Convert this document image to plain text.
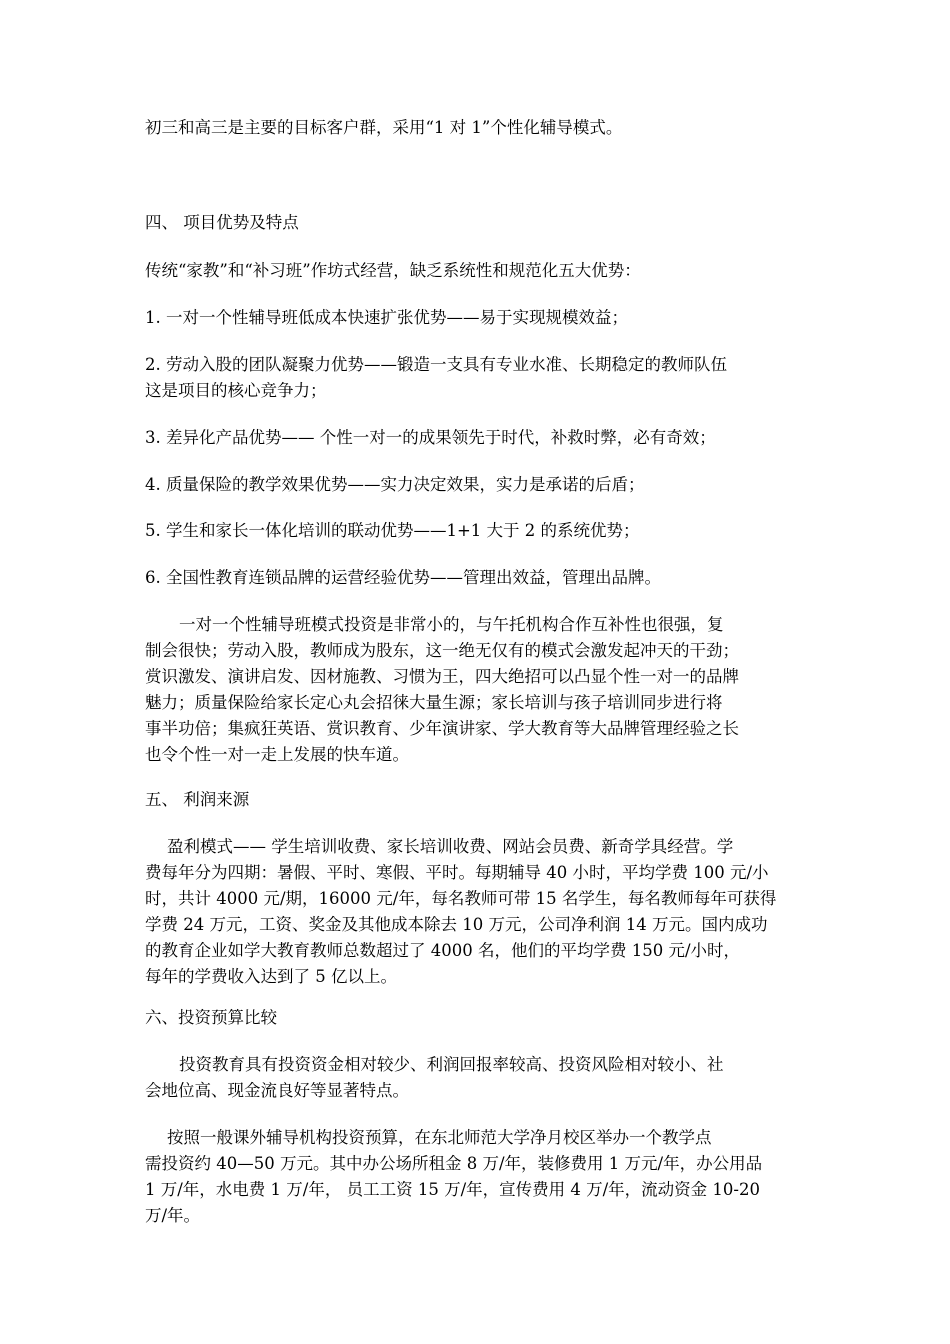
初三和高三是主要的目标客户群，采用“1 对 1”个性化辅导模式。
四、 项目优势及特点
传统“家教”和“补习班”作坊式经营，缺乏系统性和规范化五大优势：
1. 一对一个性辅导班低成本快速扩张优势——易于实现规模效益；
2. 劳动入股的团队凝聚力优势——锻造一支具有专业水准、长期稳定的教师队伍
这是项目的核心竞争力；
3. 差异化产品优势—— 个性一对一的成果领先于时代，补救时弊，必有奇效；
4. 质量保险的教学效果优势——实力决定效果，实力是承诺的后盾；
5. 学生和家长一体化培训的联动优势——1+1 大于 2 的系统优势；
6. 全国性教育连锁品牌的运营经验优势——管理出效益，管理出品牌。
一对一个性辅导班模式投资是非常小的，与午托机构合作互补性也很强，复
制会很快；劳动入股，教师成为股东，这一绝无仅有的模式会激发起冲天的干劲；
赏识激发、演讲启发、因材施教、习惯为王，四大绝招可以凸显个性一对一的品牌
魅力；质量保险给家长定心丸会招徕大量生源；家长培训与孩子培训同步进行将
事半功倍；集疯狂英语、赏识教育、少年演讲家、学大教育等大品牌管理经验之长
也令个性一对一走上发展的快车道。
五、 利润来源
盈利模式—— 学生培训收费、家长培训收费、网站会员费、新奇学具经营。学
费每年分为四期：暑假、平时、寒假、平时。每期辅导 40 小时，平均学费 100 元/小
时，共计 4000 元/期，16000 元/年，每名教师可带 15 名学生，每名教师每年可获得
学费 24 万元，工资、奖金及其他成本除去 10 万元，公司净利润 14 万元。国内成功
的教育企业如学大教育教师总数超过了 4000 名，他们的平均学费 150 元/小时，
每年的学费收入达到了 5 亿以上。
六、投资预算比较
投资教育具有投资资金相对较少、利润回报率较高、投资风险相对较小、社
会地位高、现金流良好等显著特点。
按照一般课外辅导机构投资预算，在东北师范大学净月校区举办一个教学点
需投资约 40—50 万元。其中办公场所租金 8 万/年，装修费用 1 万元/年，办公用品
1 万/年，水电费 1 万/年， 员工工资 15 万/年，宣传费用 4 万/年，流动资金 10-20
万/年。
